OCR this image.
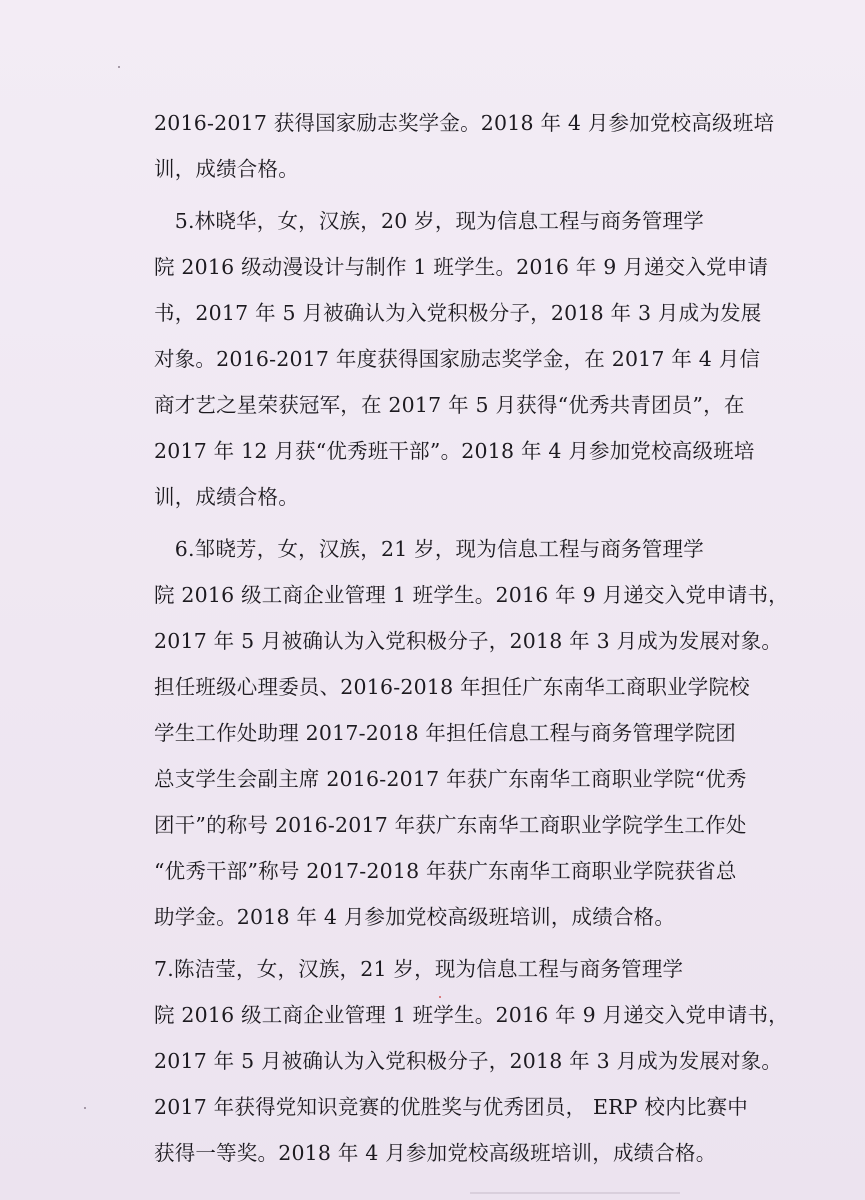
2016-2017 获得国家励志奖学金。2018 年 4 月参加党校高级班培
训，成绩合格。
　5.林晓华，女，汉族，20 岁，现为信息工程与商务管理学
院 2016 级动漫设计与制作 1 班学生。2016 年 9 月递交入党申请
书，2017 年 5 月被确认为入党积极分子，2018 年 3 月成为发展
对象。2016-2017 年度获得国家励志奖学金，在 2017 年 4 月信
商才艺之星荣获冠军，在 2017 年 5 月获得“优秀共青团员”，在
2017 年 12 月获“优秀班干部”。2018 年 4 月参加党校高级班培
训，成绩合格。
　6.邹晓芳，女，汉族，21 岁，现为信息工程与商务管理学
院 2016 级工商企业管理 1 班学生。2016 年 9 月递交入党申请书，
2017 年 5 月被确认为入党积极分子，2018 年 3 月成为发展对象。
担任班级心理委员、2016-2018 年担任广东南华工商职业学院校
学生工作处助理 2017-2018 年担任信息工程与商务管理学院团
总支学生会副主席 2016-2017 年获广东南华工商职业学院“优秀
团干”的称号 2016-2017 年获广东南华工商职业学院学生工作处
“优秀干部”称号 2017-2018 年获广东南华工商职业学院获省总
助学金。2018 年 4 月参加党校高级班培训，成绩合格。
7.陈洁莹，女，汉族，21 岁，现为信息工程与商务管理学
院 2016 级工商企业管理 1 班学生。2016 年 9 月递交入党申请书，
2017 年 5 月被确认为入党积极分子，2018 年 3 月成为发展对象。
2017 年获得党知识竞赛的优胜奖与优秀团员， ERP 校内比赛中
获得一等奖。2018 年 4 月参加党校高级班培训，成绩合格。
